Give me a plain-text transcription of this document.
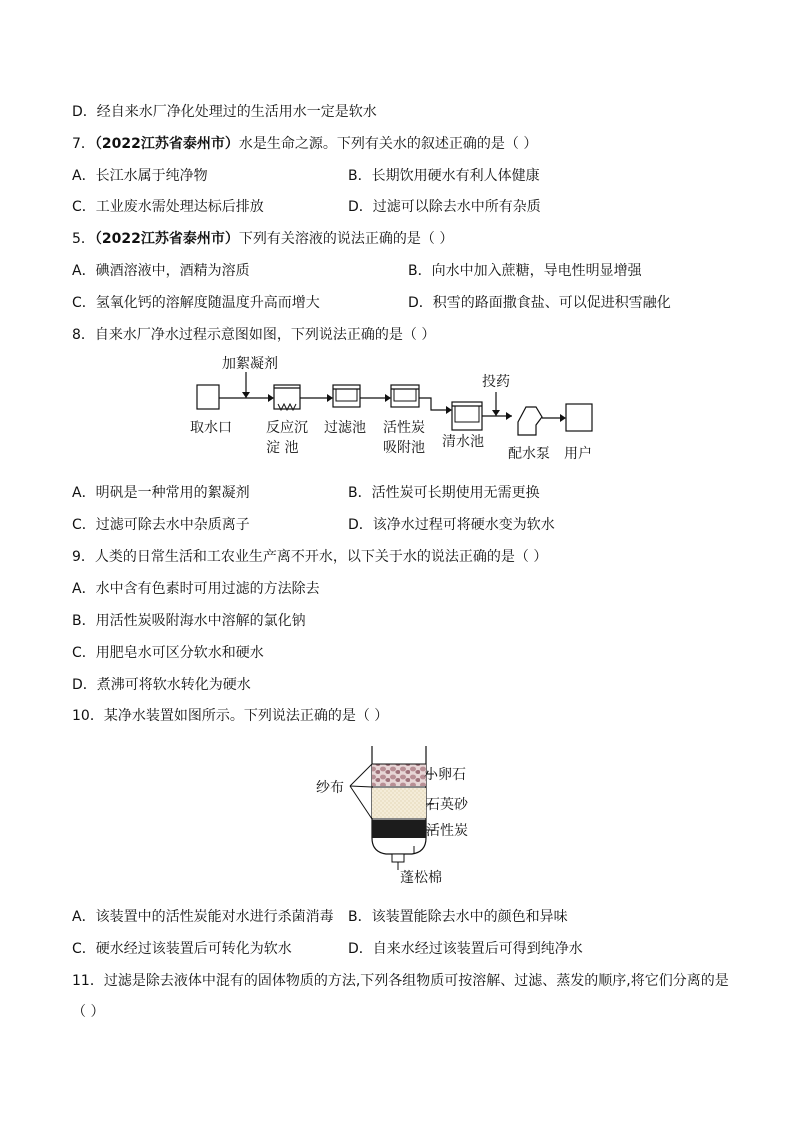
D．经自来水厂净化处理过的生活用水一定是软水
7．（2022江苏省泰州市）水是生命之源。下列有关水的叙述正确的是（ ）
A．长江水属于纯净物	B．长期饮用硬水有利人体健康
C．工业废水需处理达标后排放	D．过滤可以除去水中所有杂质
5．（2022江苏省泰州市）下列有关溶液的说法正确的是（ ）
A．碘酒溶液中，酒精为溶质	B．向水中加入蔗糖，导电性明显增强
C．氢氧化钙的溶解度随温度升高而增大	D．积雪的路面撒食盐、可以促进积雪融化
8．自来水厂净水过程示意图如图，下列说法正确的是（ ）
加絮凝剂
投药
取水口 反应沉
淀 池
过滤池 活性炭
吸附池 清水池
配水泵 用户
A．明矾是一种常用的絮凝剂	B．活性炭可长期使用无需更换
C．过滤可除去水中杂质离子	D．该净水过程可将硬水变为软水
9．人类的日常生活和工农业生产离不开水，以下关于水的说法正确的是（ ）
A．水中含有色素时可用过滤的方法除去
B．用活性炭吸附海水中溶解的氯化钠
C．用肥皂水可区分软水和硬水
D．煮沸可将软水转化为硬水
10．某净水装置如图所示。下列说法正确的是（ ）
纱布
小卵石
石英砂
活性炭
蓬松棉
A．该装置中的活性炭能对水进行杀菌消毒 B．该装置能除去水中的颜色和异味
C．硬水经过该装置后可转化为软水	D．自来水经过该装置后可得到纯净水
11．过滤是除去液体中混有的固体物质的方法,下列各组物质可按溶解、过滤、蒸发的顺序,将它们分离的是
（ ）
